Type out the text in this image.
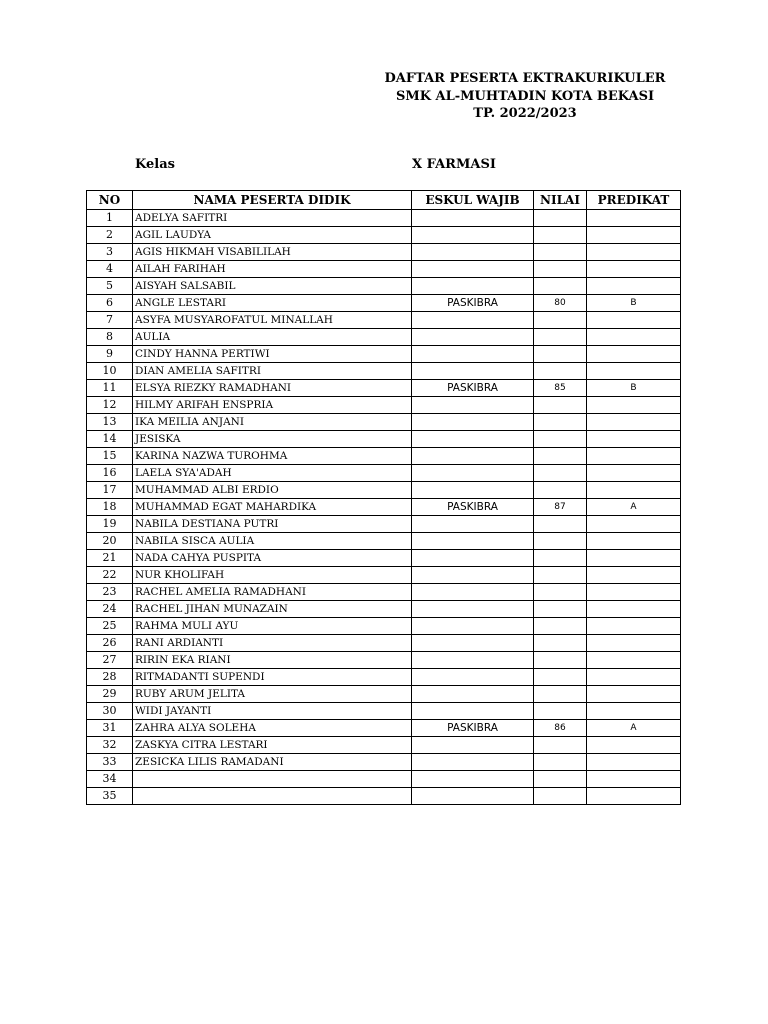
DAFTAR PESERTA EKTRAKURIKULER
SMK AL-MUHTADIN KOTA BEKASI
TP. 2022/2023
Kelas	X FARMASI
NO	NAMA PESERTA DIDIK	ESKUL WAJIB	NILAI	PREDIKAT
1	ADELYA SAFITRI			
2	AGIL LAUDYA			
3	AGIS HIKMAH VISABILILAH			
4	AILAH FARIHAH			
5	AISYAH SALSABIL			
6	ANGLE LESTARI	PASKIBRA	80	B
7	ASYFA MUSYAROFATUL MINALLAH			
8	AULIA			
9	CINDY HANNA PERTIWI			
10	DIAN AMELIA SAFITRI			
11	ELSYA RIEZKY RAMADHANI	PASKIBRA	85	B
12	HILMY ARIFAH ENSPRIA			
13	IKA MEILIA ANJANI			
14	JESISKA			
15	KARINA NAZWA TUROHMA			
16	LAELA SYA'ADAH			
17	MUHAMMAD ALBI ERDIO			
18	MUHAMMAD EGAT MAHARDIKA	PASKIBRA	87	A
19	NABILA DESTIANA PUTRI			
20	NABILA SISCA AULIA			
21	NADA CAHYA PUSPITA			
22	NUR KHOLIFAH			
23	RACHEL AMELIA RAMADHANI			
24	RACHEL JIHAN MUNAZAIN			
25	RAHMA MULI AYU			
26	RANI ARDIANTI			
27	RIRIN EKA RIANI			
28	RITMADANTI SUPENDI			
29	RUBY ARUM JELITA			
30	WIDI JAYANTI			
31	ZAHRA ALYA SOLEHA	PASKIBRA	86	A
32	ZASKYA CITRA LESTARI			
33	ZESICKA LILIS RAMADANI			
34				
35				
